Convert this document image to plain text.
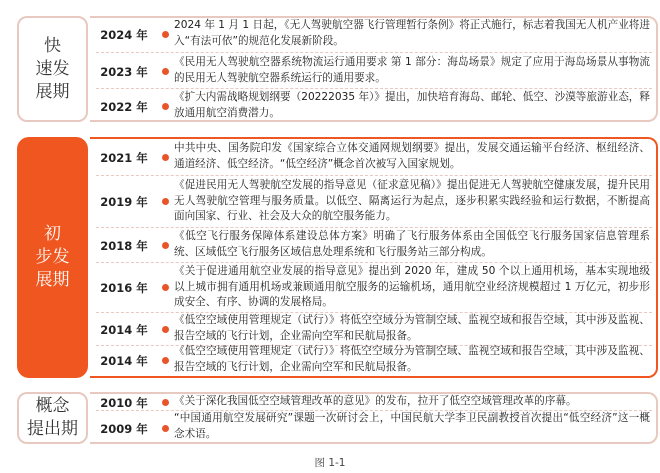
快
速发
展期
初
步发
展期
概念
提出期
2024 年
2024 年 1 月 1 日起，《无人驾驶航空器飞行管理暂行条例》将正式施行，标志着我国无人机产业将进入“有法可依”的规范化发展新阶段。
2023 年
《民用无人驾驶航空器系统物流运行通用要求 第 1 部分：海岛场景》规定了应用于海岛场景从事物流的民用无人驾驶航空器系统运行的通用要求。
2022 年
《扩大内需战略规划纲要（20222035 年）》提出，加快培育海岛、邮轮、低空、沙漠等旅游业态，释放通用航空消费潜力。
2021 年
中共中央、国务院印发《国家综合立体交通网规划纲要》提出，发展交通运输平台经济、枢纽经济、通道经济、低空经济。“低空经济”概念首次被写入国家规划。
2019 年
《促进民用无人驾驶航空发展的指导意见（征求意见稿）》提出促进无人驾驶航空健康发展，提升民用无人驾驶航空管理与服务质量。以低空、隔离运行为起点，逐步积累实践经验和运行数据，不断提高面向国家、行业、社会及大众的航空服务能力。
2018 年
《低空飞行服务保障体系建设总体方案》明确了飞行服务体系由全国低空飞行服务国家信息管理系统、区域低空飞行服务区域信息处理系统和飞行服务站三部分构成。
2016 年
《关于促进通用航空业发展的指导意见》提出到 2020 年，建成 50 个以上通用机场，基本实现地级以上城市拥有通用机场或兼顾通用航空服务的运输机场，通用航空业经济规模超过 1 万亿元，初步形成安全、有序、协调的发展格局。
2014 年
《低空空域使用管理规定（试行）》将低空空域分为管制空域、监视空域和报告空域，其中涉及监视、报告空域的飞行计划，企业需向空军和民航局报备。
2014 年
《低空空域使用管理规定（试行）》将低空空域分为管制空域、监视空域和报告空域，其中涉及监视、报告空域的飞行计划，企业需向空军和民航局报备。
2010 年	《关于深化我国低空空域管理改革的意见》的发布，拉开了低空空域管理改革的序幕。
2009 年
“中国通用航空发展研究”课题一次研讨会上，中国民航大学李卫民副教授首次提出“低空经济”这一概念术语。
图 1-1
